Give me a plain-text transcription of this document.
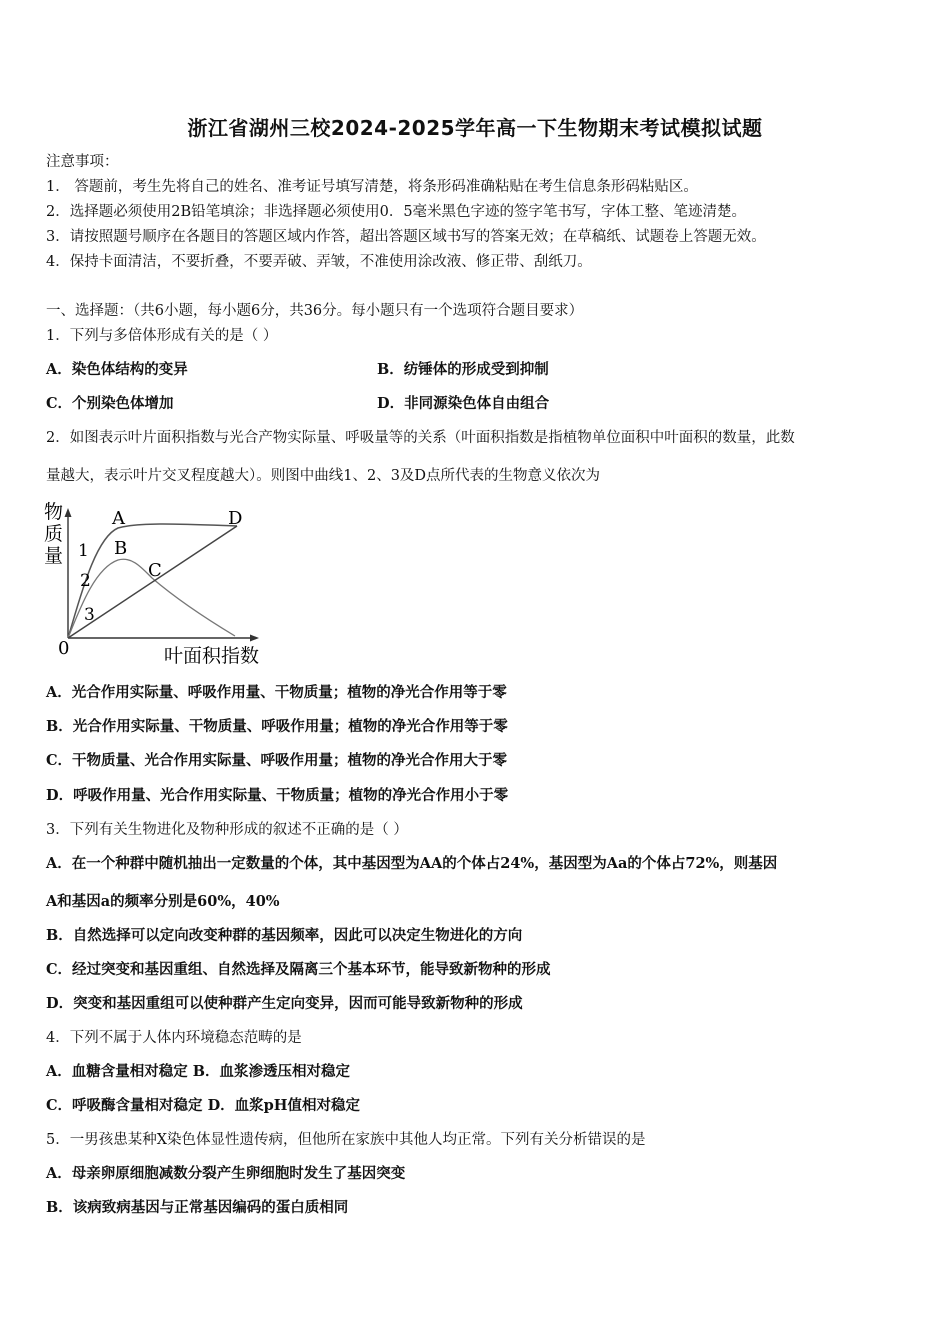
浙江省湖州三校2024-2025学年高一下生物期末考试模拟试题
注意事项：
1． 答题前，考生先将自己的姓名、准考证号填写清楚，将条形码准确粘贴在考生信息条形码粘贴区。
2．选择题必须使用2B铅笔填涂；非选择题必须使用0．5毫米黑色字迹的签字笔书写，字体工整、笔迹清楚。
3．请按照题号顺序在各题目的答题区域内作答，超出答题区域书写的答案无效；在草稿纸、试题卷上答题无效。
4．保持卡面清洁，不要折叠，不要弄破、弄皱，不准使用涂改液、修正带、刮纸刀。
一、选择题：（共6小题，每小题6分，共36分。每小题只有一个选项符合题目要求）
1．下列与多倍体形成有关的是（ ）
A．染色体结构的变异	B．纺锤体的形成受到抑制
C．个别染色体增加	D．非同源染色体自由组合
2．如图表示叶片面积指数与光合产物实际量、呼吸量等的关系（叶面积指数是指植物单位面积中叶面积的数量，此数
量越大，表示叶片交叉程度越大）。则图中曲线1、2、3及D点所代表的生物意义依次为
物
质
量
0	叶面积指数
A
B
C
D
1
2
3
A．光合作用实际量、呼吸作用量、干物质量；植物的净光合作用等于零
B．光合作用实际量、干物质量、呼吸作用量；植物的净光合作用等于零
C．干物质量、光合作用实际量、呼吸作用量；植物的净光合作用大于零
D．呼吸作用量、光合作用实际量、干物质量；植物的净光合作用小于零
3．下列有关生物进化及物种形成的叙述不正确的是（ ）
A．在一个种群中随机抽出一定数量的个体，其中基因型为AA的个体占24%，基因型为Aa的个体占72%，则基因
A和基因a的频率分别是60%，40%
B．自然选择可以定向改变种群的基因频率，因此可以决定生物进化的方向
C．经过突变和基因重组、自然选择及隔离三个基本环节，能导致新物种的形成
D．突变和基因重组可以使种群产生定向变异，因而可能导致新物种的形成
4．下列不属于人体内环境稳态范畴的是
A．血糖含量相对稳定 B．血浆渗透压相对稳定
C．呼吸酶含量相对稳定 D．血浆pH值相对稳定
5．一男孩患某种X染色体显性遗传病，但他所在家族中其他人均正常。下列有关分析错误的是
A．母亲卵原细胞减数分裂产生卵细胞时发生了基因突变
B．该病致病基因与正常基因编码的蛋白质相同
